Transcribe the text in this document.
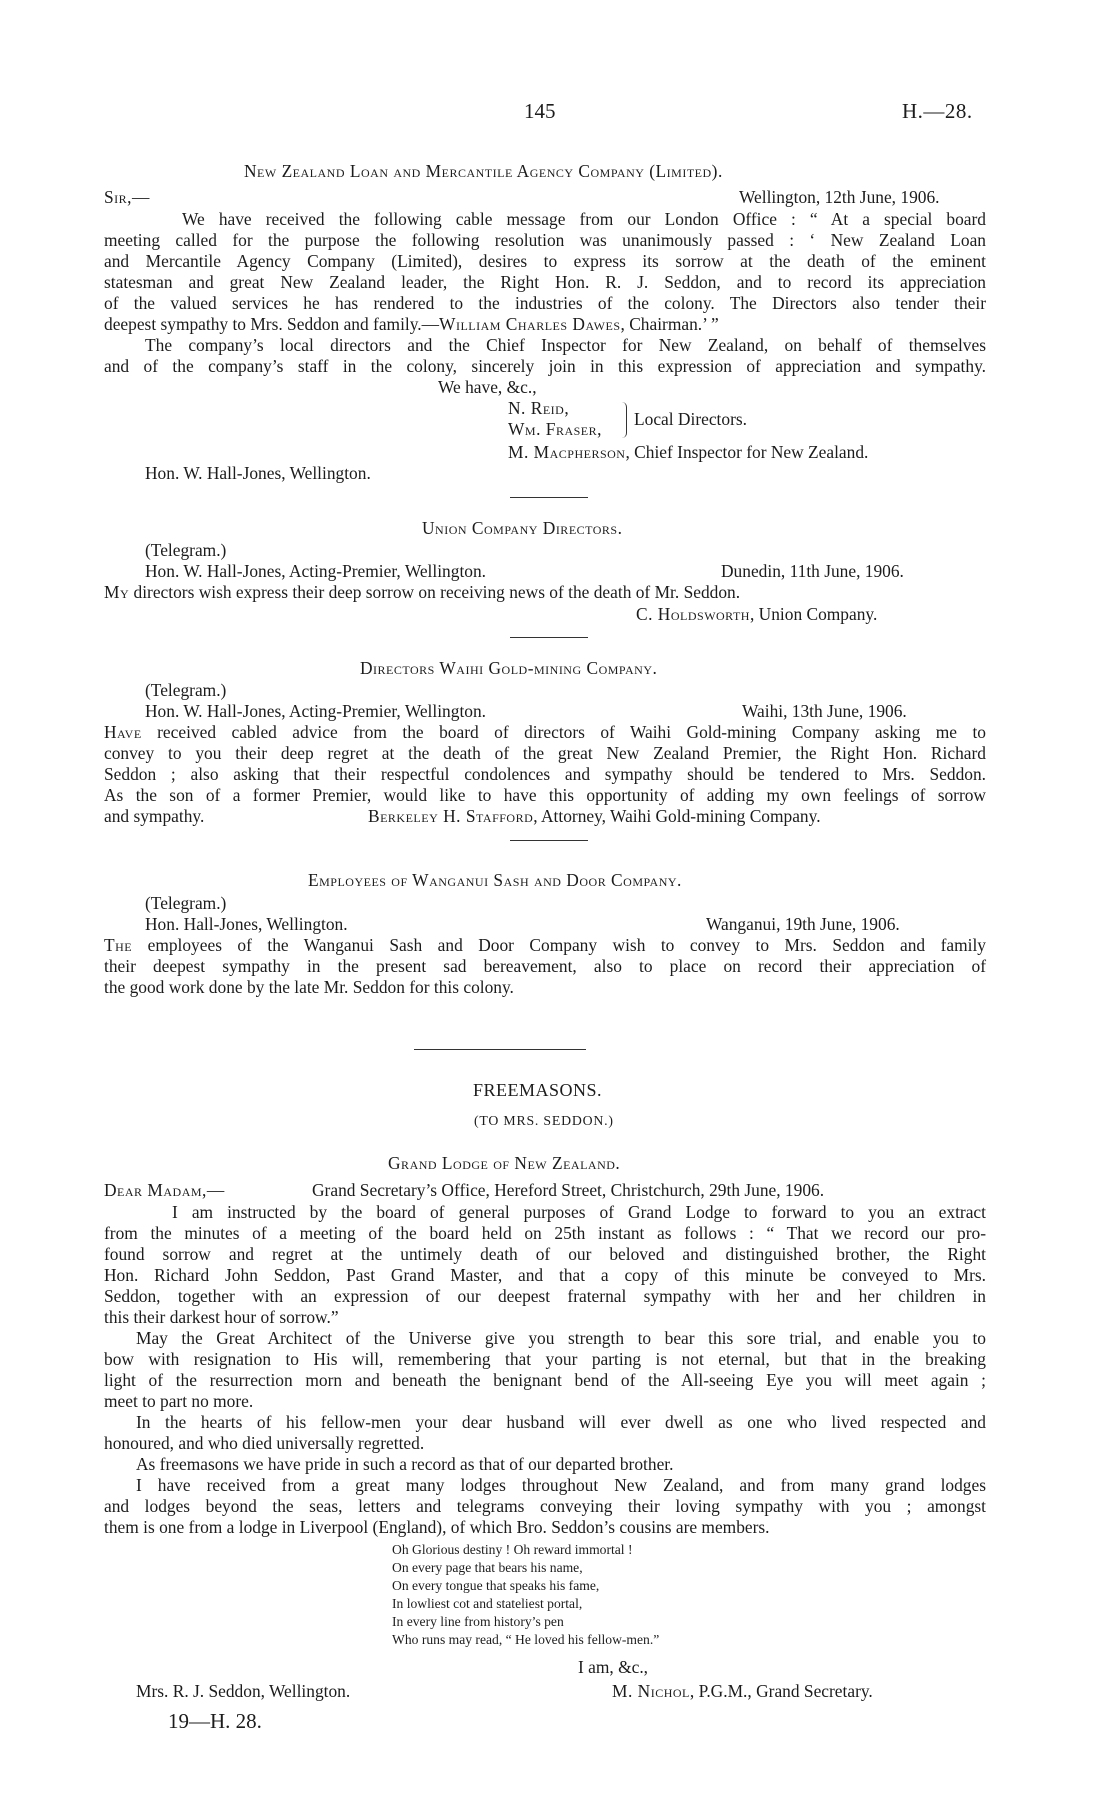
145	H.—28.
New Zealand Loan and Mercantile Agency Company (Limited).
Sir,—	Wellington, 12th June, 1906.
We have received the following cable message from our London Office : “ At a special board
meeting called for the purpose the following resolution was unanimously passed : ‘ New Zealand Loan
and Mercantile Agency Company (Limited), desires to express its sorrow at the death of the eminent
statesman and great New Zealand leader, the Right Hon. R. J. Seddon, and to record its appreciation
of the valued services he has rendered to the industries of the colony. The Directors also tender their
deepest sympathy to Mrs. Seddon and family.—William Charles Dawes, Chairman.’ ”
The company’s local directors and the Chief Inspector for New Zealand, on behalf of themselves
and of the company’s staff in the colony, sincerely join in this expression of appreciation and sympathy.
We have, &c.,
N. Reid,
Wm. Fraser, Local Directors.
M. Macpherson, Chief Inspector for New Zealand.
Hon. W. Hall-Jones, Wellington.
Union Company Directors.
(Telegram.)
Hon. W. Hall-Jones, Acting-Premier, Wellington.	Dunedin, 11th June, 1906.
My directors wish express their deep sorrow on receiving news of the death of Mr. Seddon.
C. Holdsworth, Union Company.
Directors Waihi Gold-mining Company.
(Telegram.)
Hon. W. Hall-Jones, Acting-Premier, Wellington.	Waihi, 13th June, 1906.
Have received cabled advice from the board of directors of Waihi Gold-mining Company asking me to
convey to you their deep regret at the death of the great New Zealand Premier, the Right Hon. Richard
Seddon ; also asking that their respectful condolences and sympathy should be tendered to Mrs. Seddon.
As the son of a former Premier, would like to have this opportunity of adding my own feelings of sorrow
and sympathy.	Berkeley H. Stafford, Attorney, Waihi Gold-mining Company.
Employees of Wanganui Sash and Door Company.
(Telegram.)
Hon. Hall-Jones, Wellington.	Wanganui, 19th June, 1906.
The employees of the Wanganui Sash and Door Company wish to convey to Mrs. Seddon and family
their deepest sympathy in the present sad bereavement, also to place on record their appreciation of
the good work done by the late Mr. Seddon for this colony.
FREEMASONS.
(TO MRS. SEDDON.)
Grand Lodge of New Zealand.
Dear Madam,—	Grand Secretary’s Office, Hereford Street, Christchurch, 29th June, 1906.
I am instructed by the board of general purposes of Grand Lodge to forward to you an extract
from the minutes of a meeting of the board held on 25th instant as follows : “ That we record our pro-
found sorrow and regret at the untimely death of our beloved and distinguished brother, the Right
Hon. Richard John Seddon, Past Grand Master, and that a copy of this minute be conveyed to Mrs.
Seddon, together with an expression of our deepest fraternal sympathy with her and her children in
this their darkest hour of sorrow.”
May the Great Architect of the Universe give you strength to bear this sore trial, and enable you to
bow with resignation to His will, remembering that your parting is not eternal, but that in the breaking
light of the resurrection morn and beneath the benignant bend of the All-seeing Eye you will meet again ;
meet to part no more.
In the hearts of his fellow-men your dear husband will ever dwell as one who lived respected and
honoured, and who died universally regretted.
As freemasons we have pride in such a record as that of our departed brother.
I have received from a great many lodges throughout New Zealand, and from many grand lodges
and lodges beyond the seas, letters and telegrams conveying their loving sympathy with you ; amongst
them is one from a lodge in Liverpool (England), of which Bro. Seddon’s cousins are members.
Oh Glorious destiny ! Oh reward immortal !
On every page that bears his name,
On every tongue that speaks his fame,
In lowliest cot and stateliest portal,
In every line from history’s pen
Who runs may read, “ He loved his fellow-men.”
I am, &c.,
Mrs. R. J. Seddon, Wellington.	M. Nichol, P.G.M., Grand Secretary.
19—H. 28.
